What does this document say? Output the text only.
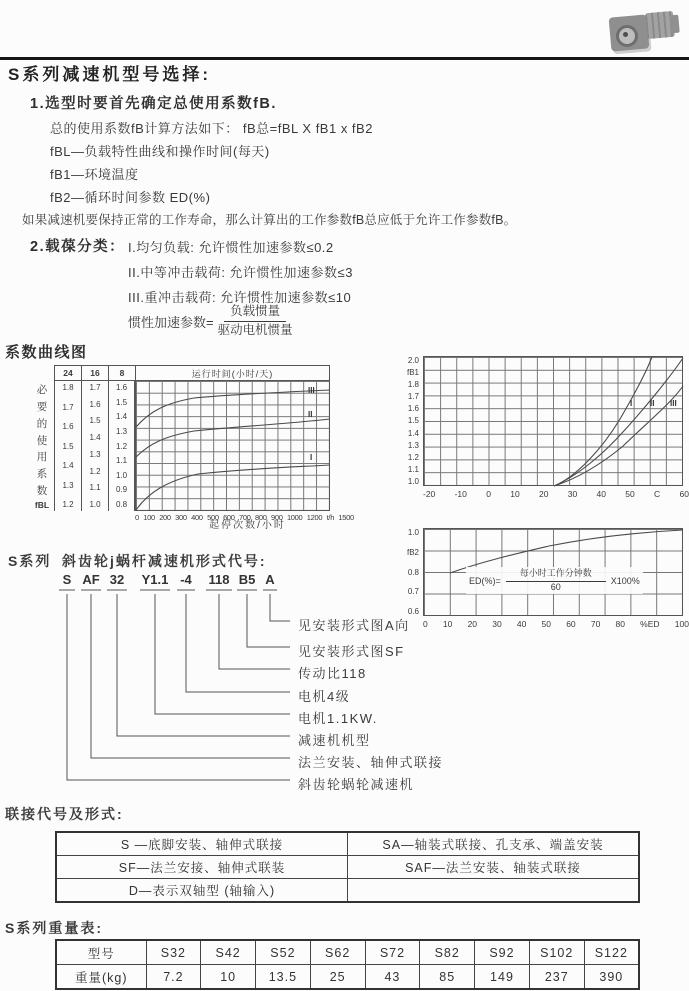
S系列减速机型号选择:
1.选型时要首先确定总使用系数fB.
总的使用系数fB计算方法如下： fB总=fBL X fB1 x fB2
fBL—负载特性曲线和操作时间(每天)
fB1—环境温度
fB2—循环时间参数 ED(%)
如果减速机要保持正常的工作寿命，那么计算出的工作参数fB总应低于允许工作参数fB。
2.载葆分类： I.均匀负载: 允许惯性加速参数≤0.2
II.中等冲击载荷: 允许惯性加速参数≤3
III.重冲击载荷: 允许惯性加速参数≤10
惯性加速参数= $\frac{\text{负载惯量}}{\text{驱动电机惯量}}$
系数曲线图
24	16	8	运行时间(小时/天)
必
要
的
使
用
系
数
fBL
1.8
1.7
1.6
1.5
1.4
1.3
1.2
1.7
1.6
1.5
1.4
1.3
1.2
1.1
1.0
1.6
1.5
1.4
1.3
1.2
1.1
1.0
0.9
0.8
III
II
I
0 100 200 300 400 500 600 700 800 900 1000 1200 t/h 1500
起停次数/小时
2.0
fB1
1.8
1.7
1.6
1.5
1.4
1.3
1.2
1.1
1.0
I II III
-20 -10 0 10 20 30 40 50 C 60
1.0
fB2
0.8
0.7
0.6
ED(%)=
每小时工作分钟数
60
X100%
0 10 20 30 40 50 60 70 80 %ED 100
S系列 斜齿轮j蜗杆减速机形式代号:
S AF 32 Y1.1 -4 118 B5 A
见安装形式图A向
见安装形式图SF
传动比118
电机4级
电机1.1KW.
减速机机型
法兰安装、轴伸式联接
斜齿轮蜗轮减速机
联接代号及形式:
S —底脚安装、轴伸式联接	SA—轴装式联接、孔支承、端盖安装
SF—法兰安接、轴伸式联装	SAF—法兰安装、轴装式联接
D—表示双轴型 (轴输入)	
S系列重量表:
型号	S32	S42	S52	S62	S72	S82	S92	S102	S122
重量(kg)	7.2	10	13.5	25	43	85	149	237	390
